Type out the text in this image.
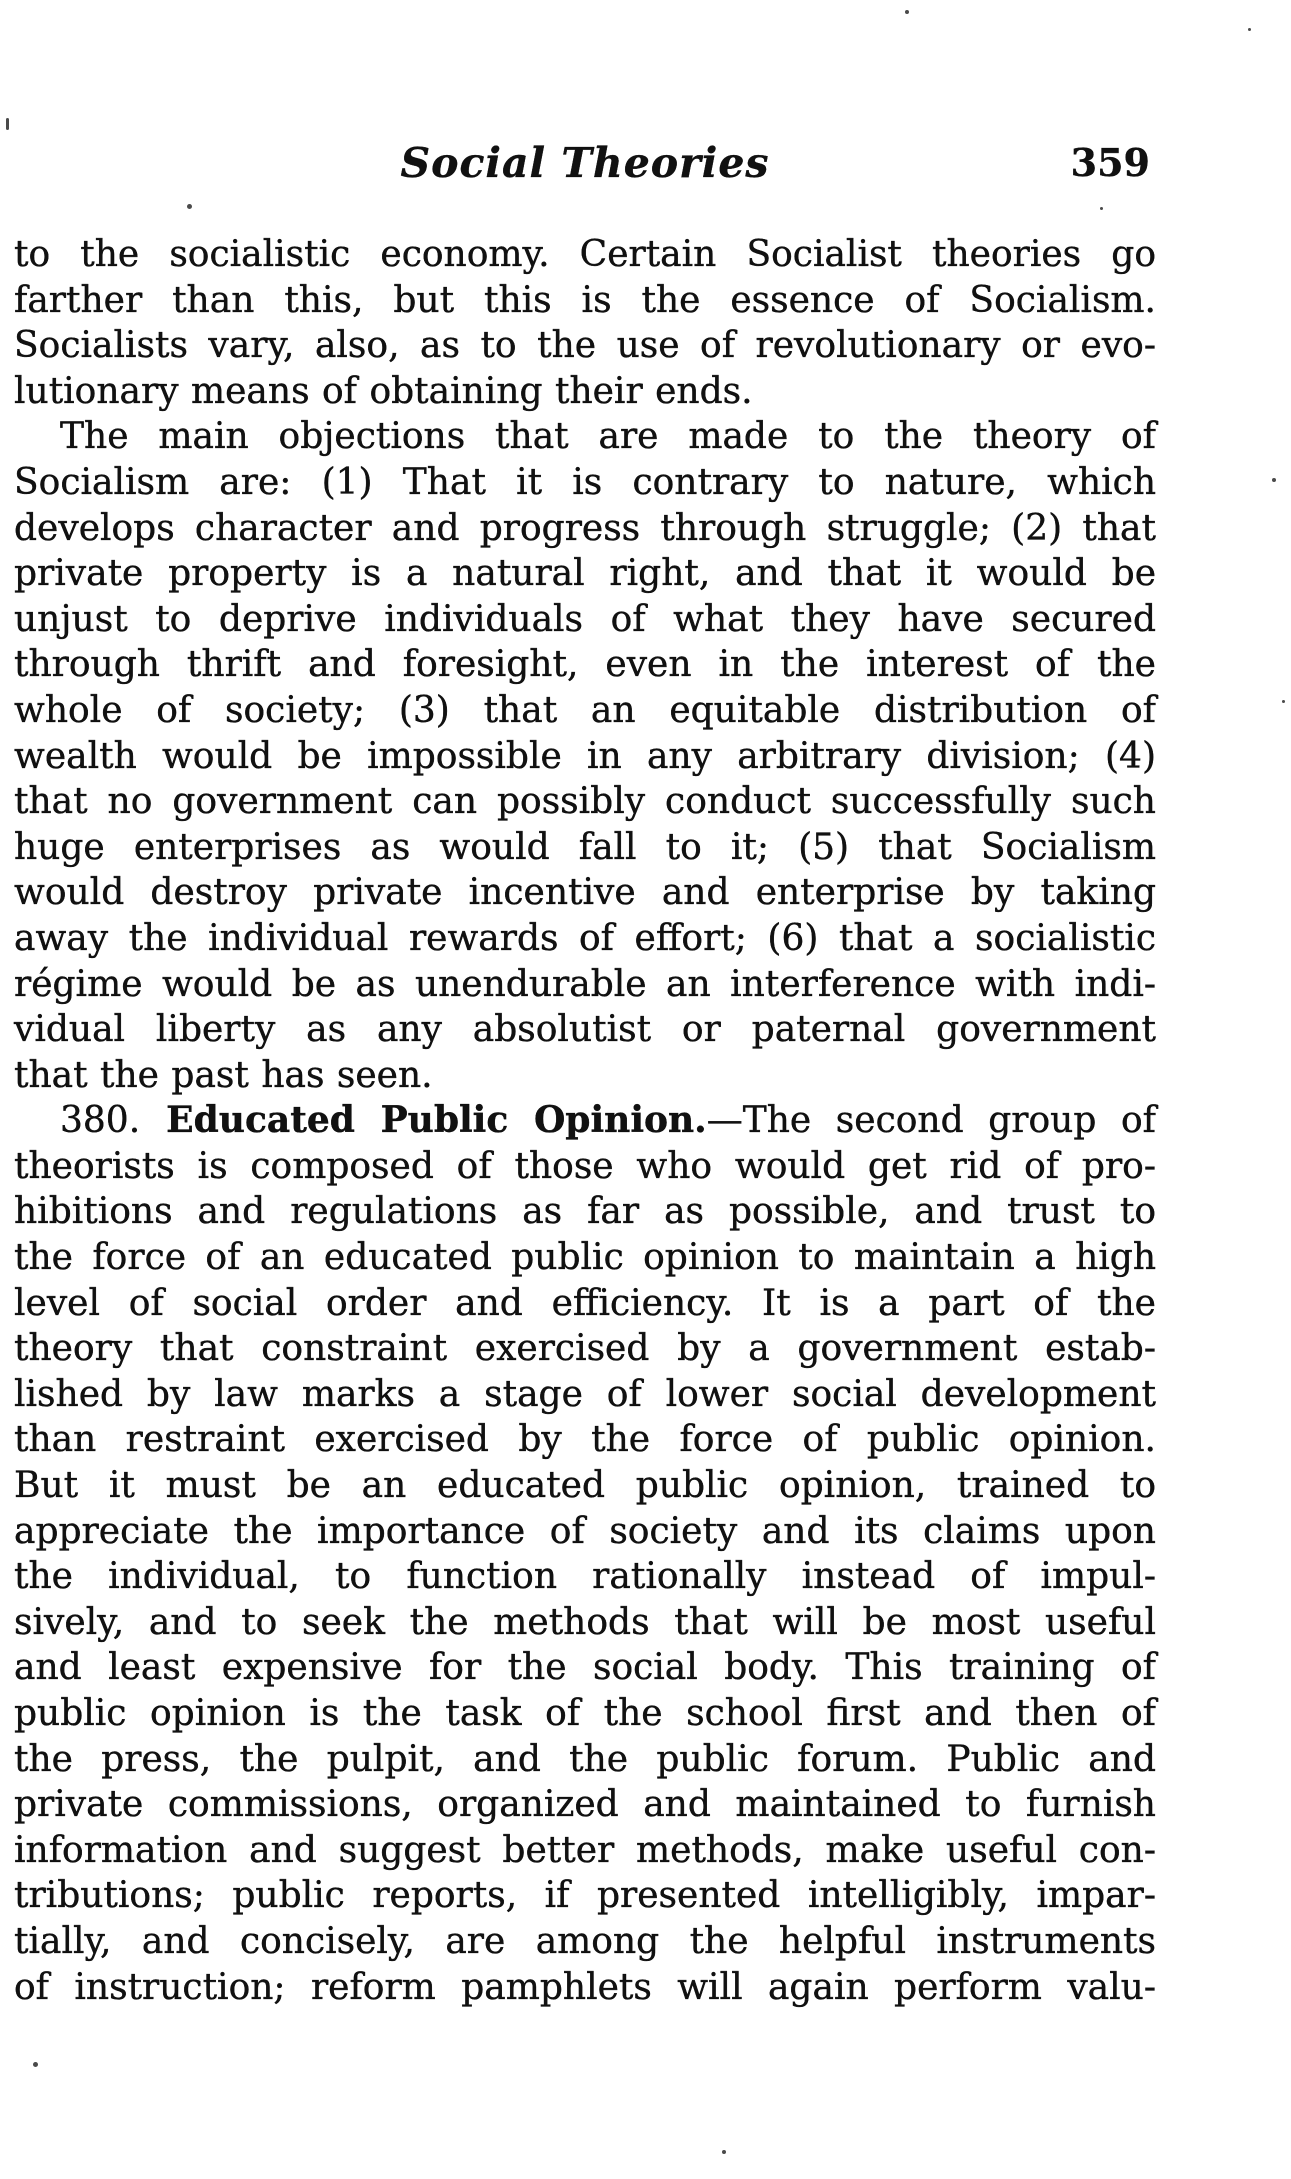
Social Theories	359
to the socialistic economy. Certain Socialist theories go
farther than this, but this is the essence of Socialism.
Socialists vary, also, as to the use of revolutionary or evo-
lutionary means of obtaining their ends.
The main objections that are made to the theory of
Socialism are: (1) That it is contrary to nature, which
develops character and progress through struggle; (2) that
private property is a natural right, and that it would be
unjust to deprive individuals of what they have secured
through thrift and foresight, even in the interest of the
whole of society; (3) that an equitable distribution of
wealth would be impossible in any arbitrary division; (4)
that no government can possibly conduct successfully such
huge enterprises as would fall to it; (5) that Socialism
would destroy private incentive and enterprise by taking
away the individual rewards of effort; (6) that a socialistic
régime would be as unendurable an interference with indi-
vidual liberty as any absolutist or paternal government
that the past has seen.
380. Educated Public Opinion.—The second group of
theorists is composed of those who would get rid of pro-
hibitions and regulations as far as possible, and trust to
the force of an educated public opinion to maintain a high
level of social order and efficiency. It is a part of the
theory that constraint exercised by a government estab-
lished by law marks a stage of lower social development
than restraint exercised by the force of public opinion.
But it must be an educated public opinion, trained to
appreciate the importance of society and its claims upon
the individual, to function rationally instead of impul-
sively, and to seek the methods that will be most useful
and least expensive for the social body. This training of
public opinion is the task of the school first and then of
the press, the pulpit, and the public forum. Public and
private commissions, organized and maintained to furnish
information and suggest better methods, make useful con-
tributions; public reports, if presented intelligibly, impar-
tially, and concisely, are among the helpful instruments
of instruction; reform pamphlets will again perform valu-
